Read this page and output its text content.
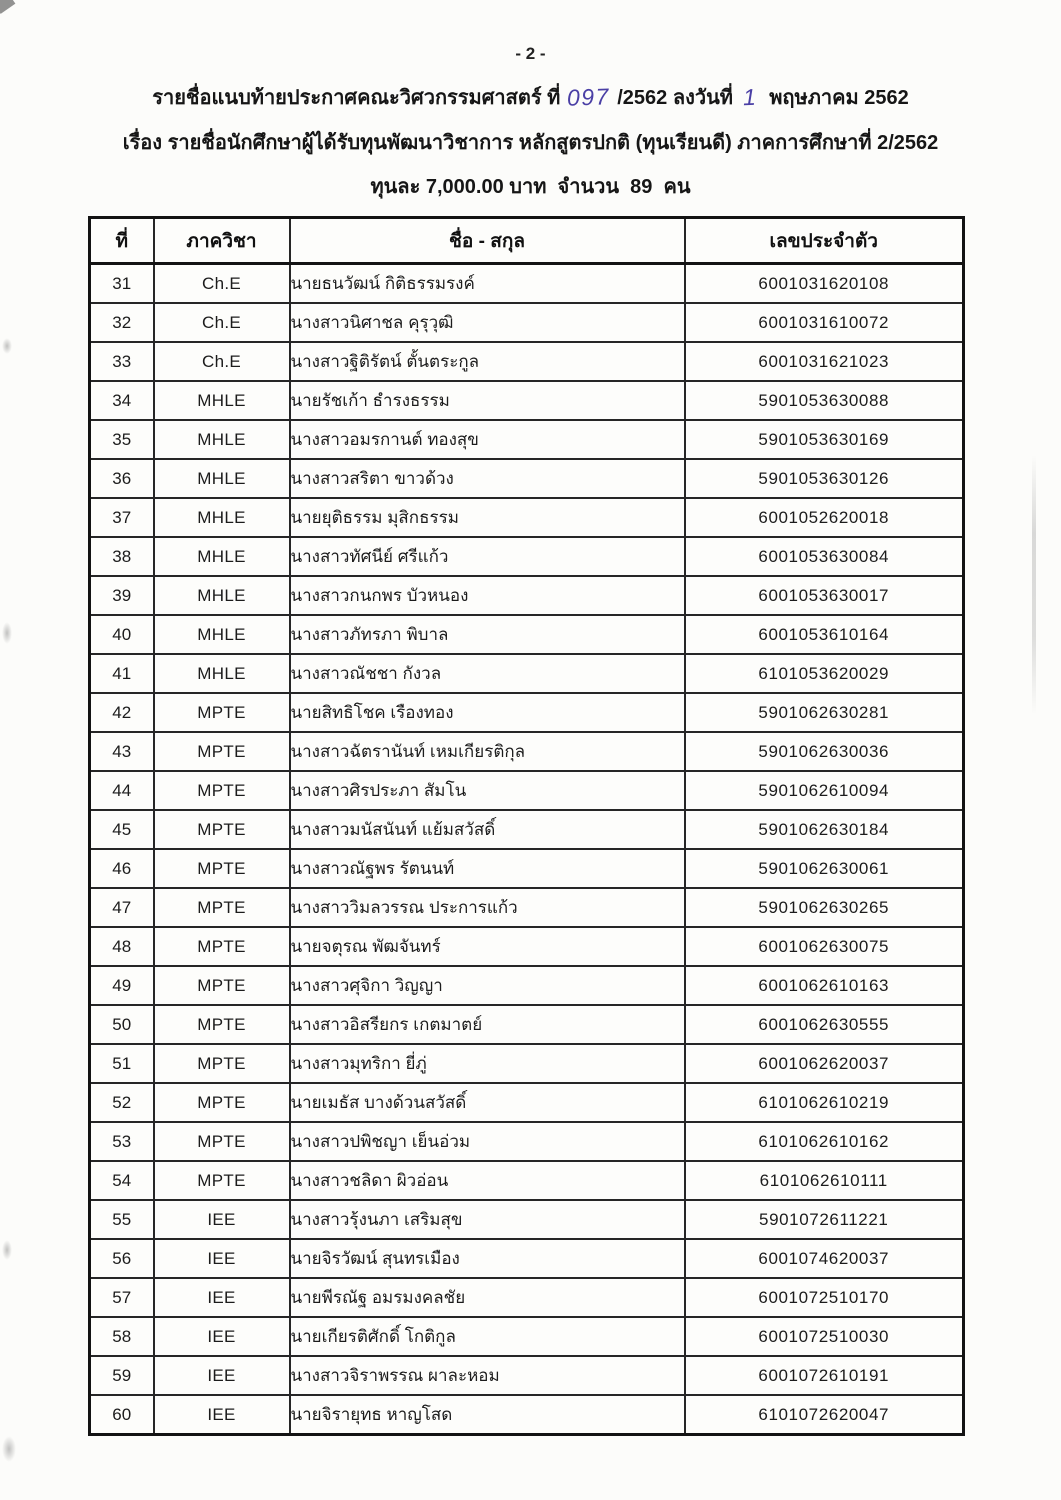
- 2 -

รายชื่อแนบท้ายประกาศคณะวิศวกรรมศาสตร์ ที่ 097 /2562 ลงวันที่ 1 พฤษภาคม 2562

เรื่อง รายชื่อนักศึกษาผู้ได้รับทุนพัฒนาวิชาการ หลักสูตรปกติ (ทุนเรียนดี) ภาคการศึกษาที่ 2/2562

ทุนละ 7,000.00 บาท  จำนวน  89  คน

ที่	ภาควิชา	ชื่อ - สกุล	เลขประจำตัว
31	Ch.E	นายธนวัฒน์ กิติธรรมรงค์	6001031620108
32	Ch.E	นางสาวนิศาชล คุรุวุฒิ	6001031610072
33	Ch.E	นางสาวฐิติรัตน์ ตั้นตระกูล	6001031621023
34	MHLE	นายรัชเก้า ธำรงธรรม	5901053630088
35	MHLE	นางสาวอมรกานต์ ทองสุข	5901053630169
36	MHLE	นางสาวสริตา ขาวด้วง	5901053630126
37	MHLE	นายยุติธรรม มุสิกธรรม	6001052620018
38	MHLE	นางสาวทัศนีย์ ศรีแก้ว	6001053630084
39	MHLE	นางสาวกนกพร บัวหนอง	6001053630017
40	MHLE	นางสาวภัทรภา พิบาล	6001053610164
41	MHLE	นางสาวณัชชา กังวล	6101053620029
42	MPTE	นายสิทธิโชค เรืองทอง	5901062630281
43	MPTE	นางสาวฉัตรานันท์ เหมเกียรติกุล	5901062630036
44	MPTE	นางสาวศิรประภา สัมโน	5901062610094
45	MPTE	นางสาวมนัสนันท์ แย้มสวัสดิ์	5901062630184
46	MPTE	นางสาวณัฐพร รัตนนท์	5901062630061
47	MPTE	นางสาววิมลวรรณ ประการแก้ว	5901062630265
48	MPTE	นายจตุรณ พัฒจันทร์	6001062630075
49	MPTE	นางสาวศุจิกา วิญญา	6001062610163
50	MPTE	นางสาวอิสรียกร เกตมาตย์	6001062630555
51	MPTE	นางสาวมุทริกา ยี่ภู่	6001062620037
52	MPTE	นายเมธัส บางด้วนสวัสดิ์	6101062610219
53	MPTE	นางสาวปพิชญา เย็นอ่วม	6101062610162
54	MPTE	นางสาวชลิดา ผิวอ่อน	6101062610111
55	IEE	นางสาวรุ้งนภา เสริมสุข	5901072611221
56	IEE	นายจิรวัฒน์ สุนทรเมือง	6001074620037
57	IEE	นายพีรณัฐ อมรมงคลชัย	6001072510170
58	IEE	นายเกียรติศักดิ์ โกติกูล	6001072510030
59	IEE	นางสาวจิราพรรณ ผาละหอม	6001072610191
60	IEE	นายจิรายุทธ หาญโสด	6101072620047
